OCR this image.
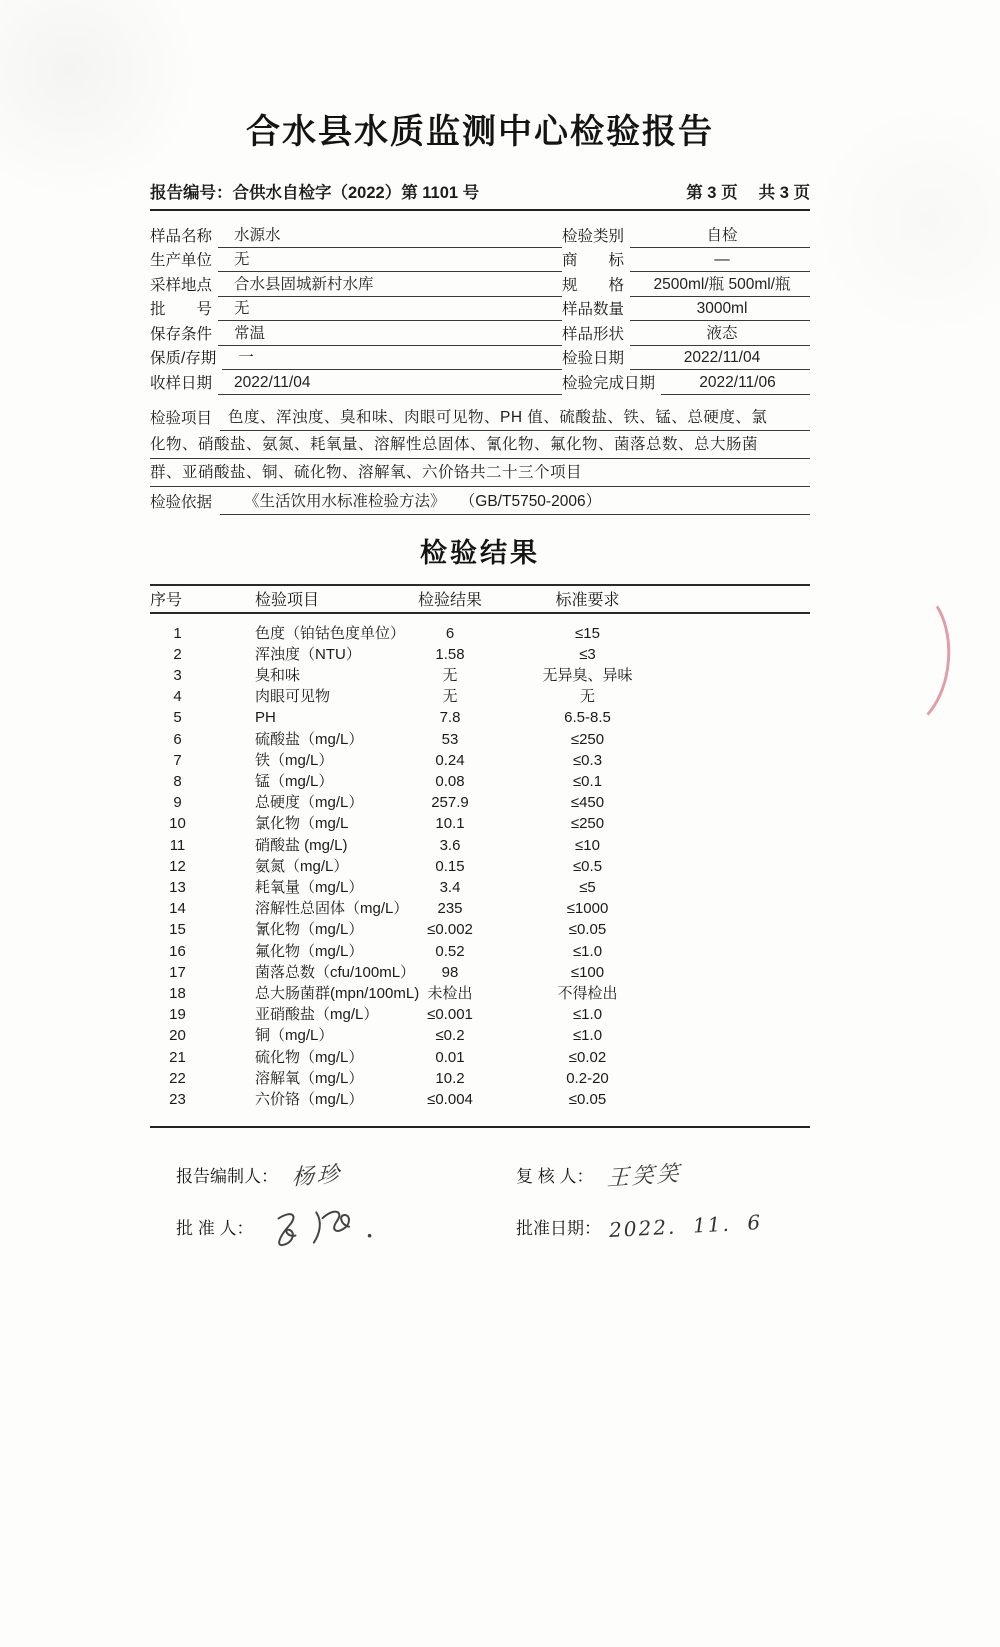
合水县水质监测中心检验报告
报告编号：合供水自检字（2022）第 1101 号	第 3 页　 共 3 页
样品名称	水源水	检验类别	自检
生产单位	无	商　　标	—
采样地点	合水县固城新村水库	规　　格	2500ml/瓶 500ml/瓶
批　　号	无	样品数量	3000ml
保存条件	常温	样品形状	液态
保质/存期	一	检验日期	2022/11/04
收样日期	2022/11/04	检验完成日期	2022/11/06
检验项目	色度、浑浊度、臭和味、肉眼可见物、PH 值、硫酸盐、铁、锰、总硬度、氯
化物、硝酸盐、氨氮、耗氧量、溶解性总固体、氰化物、氟化物、菌落总数、总大肠菌
群、亚硝酸盐、铜、硫化物、溶解氧、六价铬共二十三个项目
检验依据	《生活饮用水标准检验方法》 （GB/T5750-2006）
检验结果
序号	检验项目	检验结果	标准要求
1	色度（铂钴色度单位）	6	≤15
2	浑浊度（NTU）	1.58	≤3
3	臭和味	无	无异臭、异味
4	肉眼可见物	无	无
5	PH	7.8	6.5-8.5
6	硫酸盐（mg/L）	53	≤250
7	铁（mg/L）	0.24	≤0.3
8	锰（mg/L）	0.08	≤0.1
9	总硬度（mg/L）	257.9	≤450
10	氯化物（mg/L	10.1	≤250
11	硝酸盐 (mg/L)	3.6	≤10
12	氨氮（mg/L）	0.15	≤0.5
13	耗氧量（mg/L）	3.4	≤5
14	溶解性总固体（mg/L）	235	≤1000
15	氰化物（mg/L）	≤0.002	≤0.05
16	氟化物（mg/L）	0.52	≤1.0
17	菌落总数（cfu/100mL）	98	≤100
18	总大肠菌群(mpn/100mL) 未检出	不得检出
19	亚硝酸盐（mg/L）	≤0.001	≤1.0
20	铜（mg/L）	≤0.2	≤1.0
21	硫化物（mg/L）	0.01	≤0.02
22	溶解氧（mg/L）	10.2	0.2-20
23	六价铬（mg/L）	≤0.004	≤0.05
报告编制人： 杨珍	复 核 人： 王笑笑
批 准 人：	批准日期： 2022.  11.  6
